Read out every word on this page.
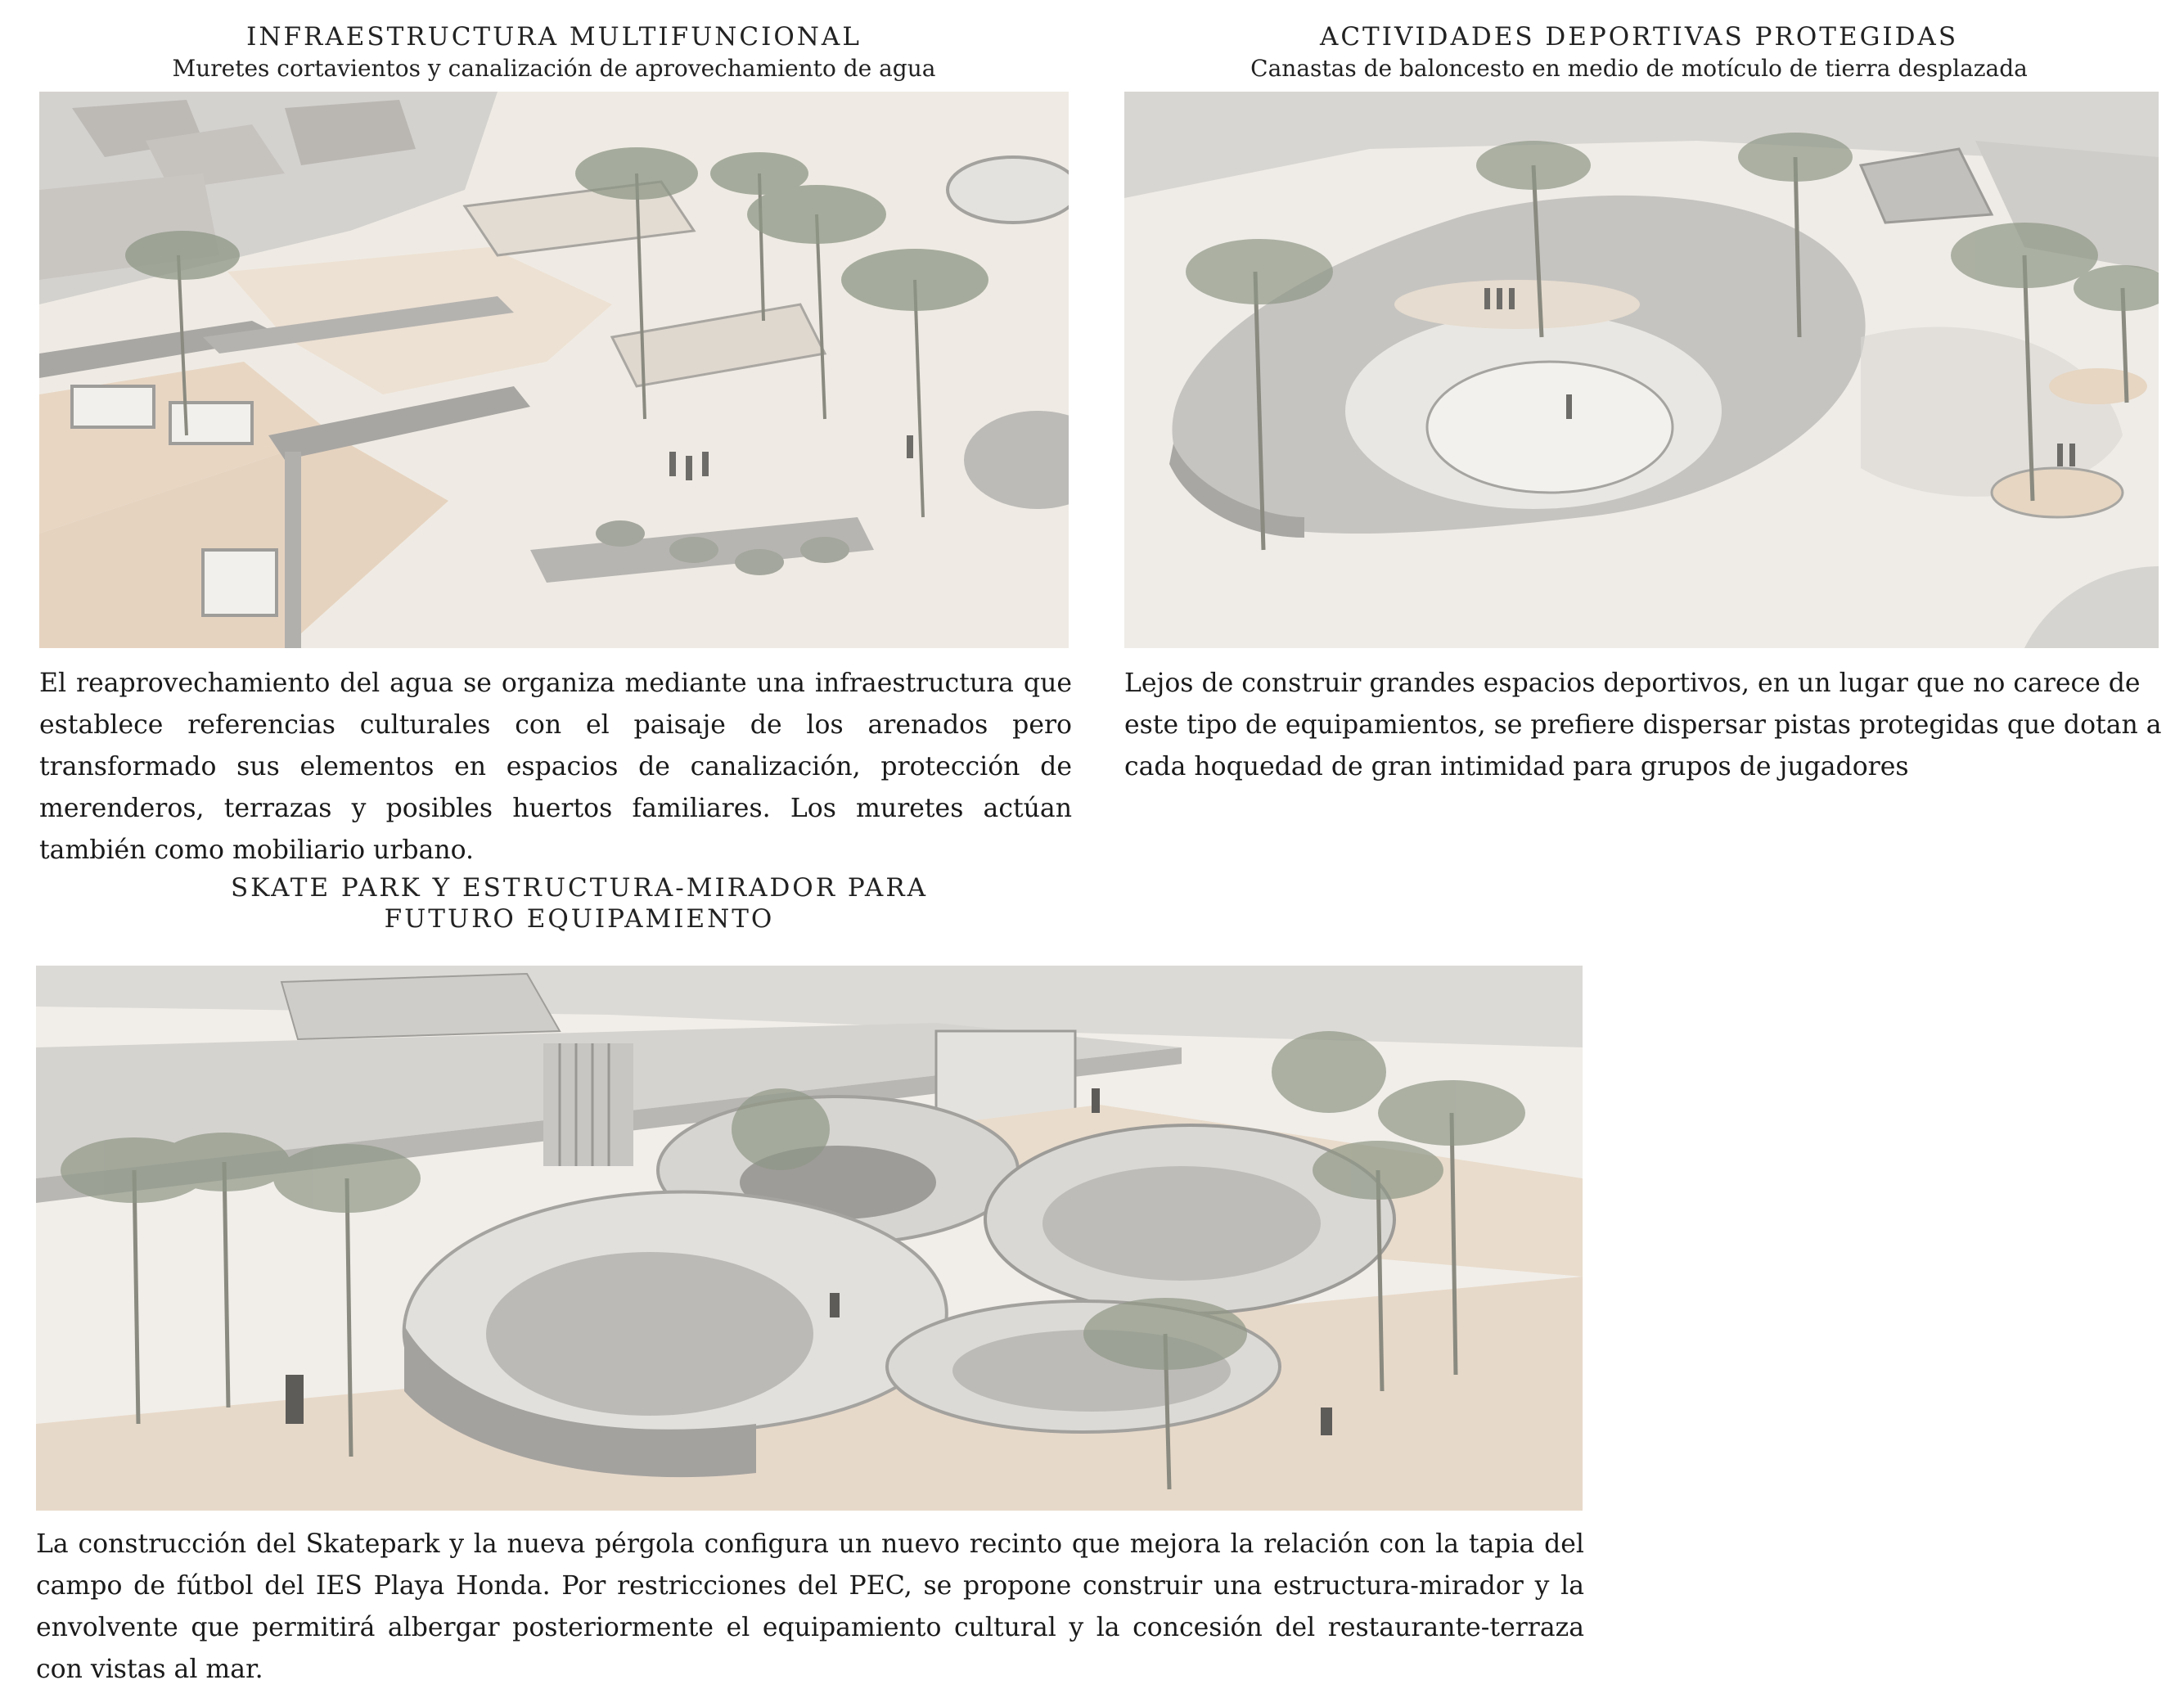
INFRAESTRUCTURA MULTIFUNCIONAL
Muretes cortavientos y canalización de aprovechamiento de agua
El reaprovechamiento del agua se organiza mediante una infraestructura que establece referencias culturales con el paisaje de los arenados pero transformado sus elementos en espacios de canalización, protección de merenderos, terrazas y posibles huertos familiares. Los muretes actúan también como mobiliario urbano.
ACTIVIDADES DEPORTIVAS PROTEGIDAS
Canastas de baloncesto en medio de motículo de tierra desplazada
Lejos de construir grandes espacios deportivos, en un lugar que no carece de este tipo de equipamientos, se prefiere dispersar pistas protegidas que dotan a cada hoquedad de gran intimidad para grupos de jugadores
SKATE PARK Y ESTRUCTURA-MIRADOR PARA
FUTURO EQUIPAMIENTO
La construcción del Skatepark y la nueva pérgola configura un nuevo recinto que mejora la relación con la tapia del campo de fútbol del IES Playa Honda. Por restricciones del PEC, se propone construir una estructura-mirador y la envolvente que permitirá albergar posteriormente el equipamiento cultural y la concesión del restaurante-terraza con vistas al mar.
